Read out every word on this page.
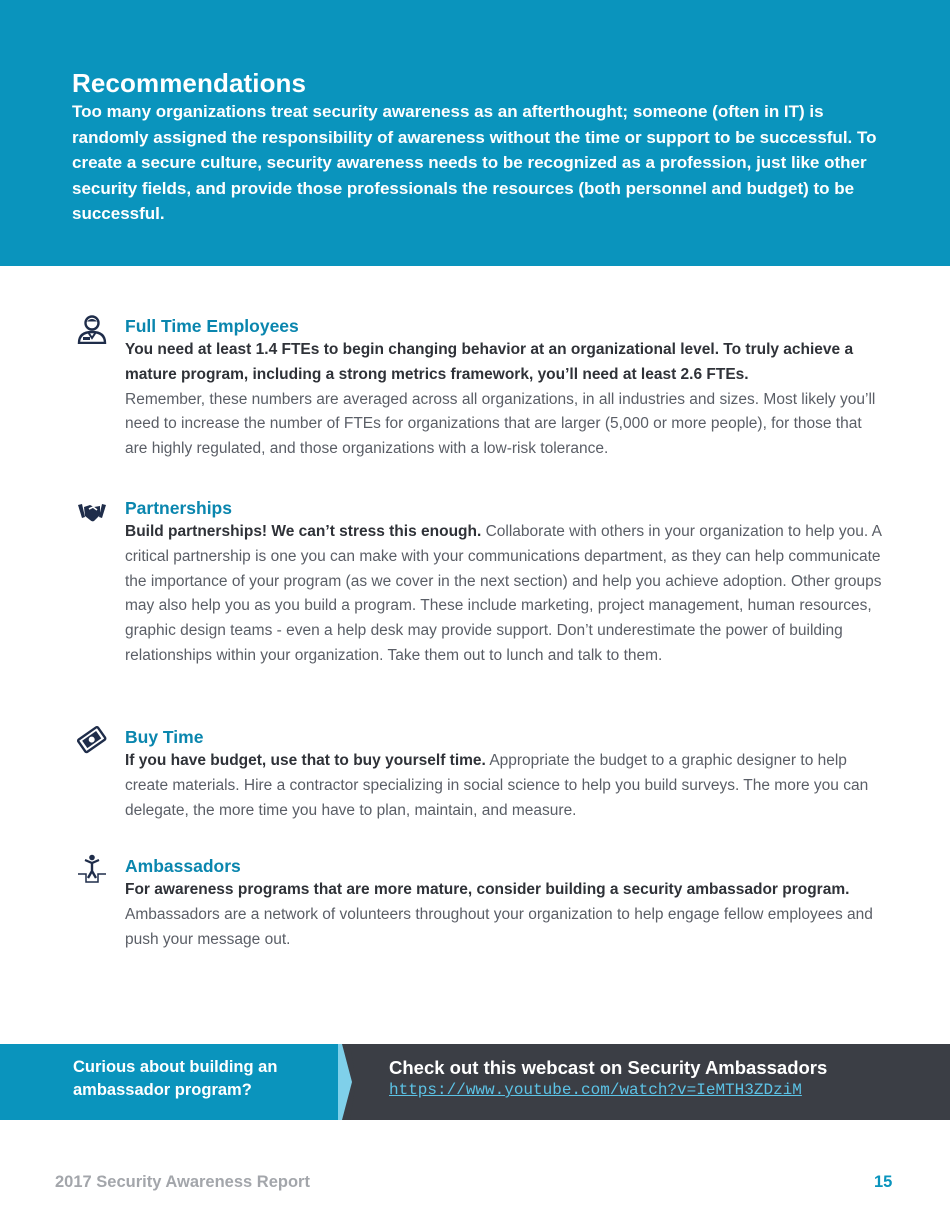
Recommendations

Too many organizations treat security awareness as an afterthought; someone (often in IT) is randomly assigned the responsibility of awareness without the time or support to be successful. To create a secure culture, security awareness needs to be recognized as a profession, just like other security fields, and provide those professionals the resources (both personnel and budget) to be successful.

Full Time Employees

You need at least 1.4 FTEs to begin changing behavior at an organizational level. To truly achieve a mature program, including a strong metrics framework, you’ll need at least 2.6 FTEs.
Remember, these numbers are averaged across all organizations, in all industries and sizes. Most likely you’ll need to increase the number of FTEs for organizations that are larger (5,000 or more people), for those that are highly regulated, and those organizations with a low-risk tolerance.

Partnerships

Build partnerships! We can’t stress this enough. Collaborate with others in your organization to help you. A critical partnership is one you can make with your communications department, as they can help communicate the importance of your program (as we cover in the next section) and help you achieve adoption. Other groups may also help you as you build a program. These include marketing, project management, human resources, graphic design teams - even a help desk may provide support. Don’t underestimate the power of building relationships within your organization. Take them out to lunch and talk to them.

Buy Time

If you have budget, use that to buy yourself time. Appropriate the budget to a graphic designer to help create materials. Hire a contractor specializing in social science to help you build surveys. The more you can delegate, the more time you have to plan, maintain, and measure.

Ambassadors

For awareness programs that are more mature, consider building a security ambassador program. Ambassadors are a network of volunteers throughout your organization to help engage fellow employees and push your message out.

Curious about building an ambassador program?

Check out this webcast on Security Ambassadors

https://www.youtube.com/watch?v=IeMTH3ZDziM
2017 Security Awareness Report	15
